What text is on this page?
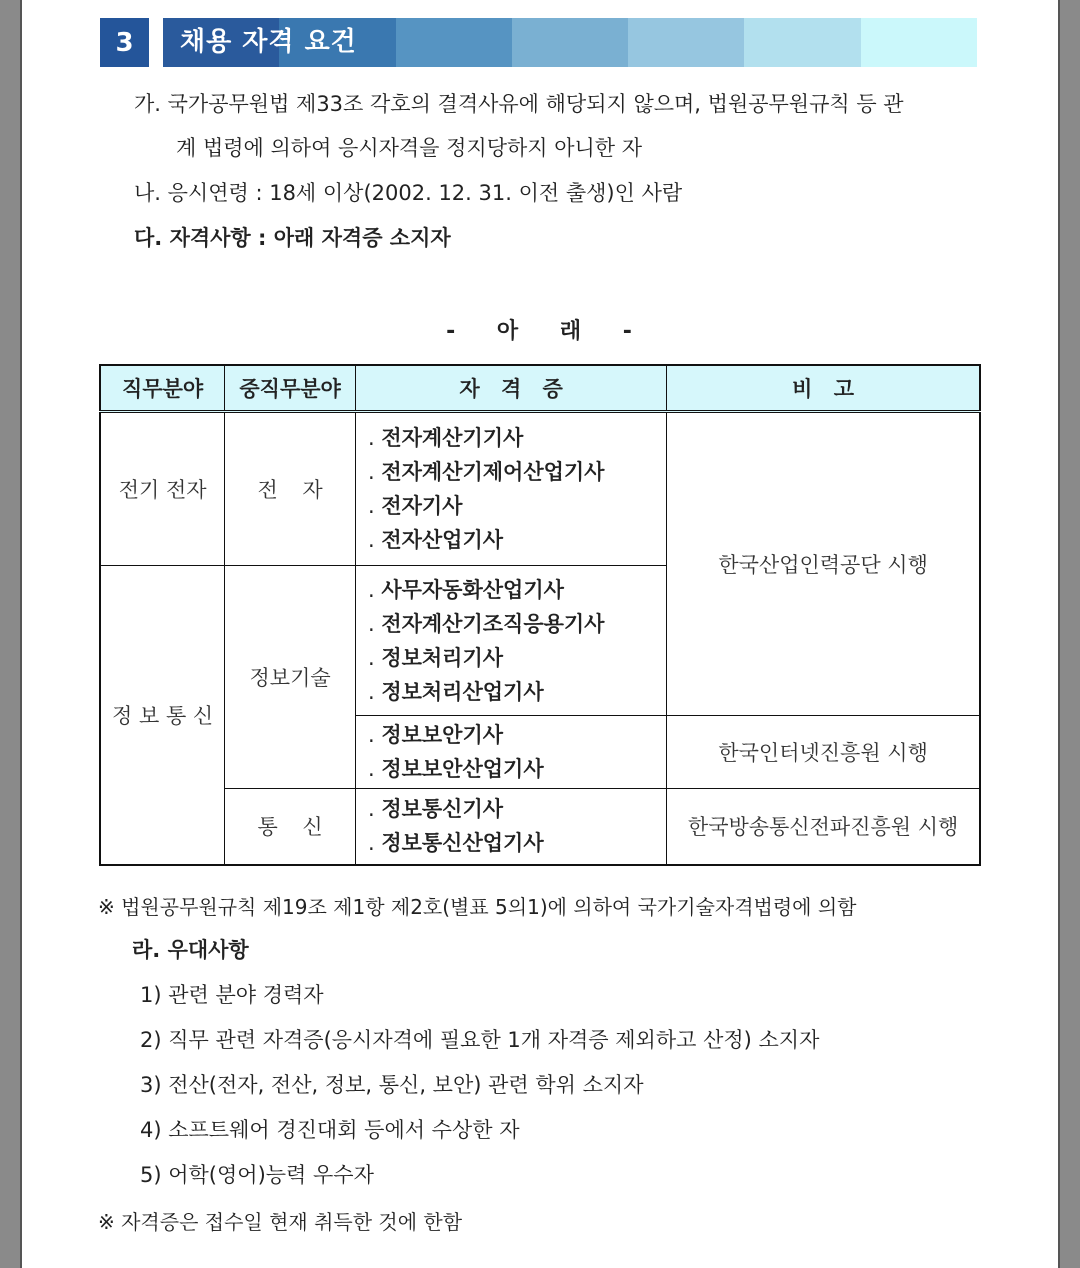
3	채용 자격 요건
가. 국가공무원법 제33조 각호의 결격사유에 해당되지 않으며, 법원공무원규칙 등 관
계 법령에 의하여 응시자격을 정지당하지 아니한 자
나. 응시연령 : 18세 이상(2002. 12. 31. 이전 출생)인 사람
다. 자격사항 : 아래 자격증 소지자
- 아 래 -
직무분야	중직무분야	자 격 증	비 고
전기 전자	전 자	. 전자계산기기사
. 전자계산기제어산업기사
. 전자기사
. 전자산업기사	한국산업인력공단 시행
정 보 통 신	정보기술	. 사무자동화산업기사
. 전자계산기조직응용기사
. 정보처리기사
. 정보처리산업기사

		. 정보보안기사
. 정보보안산업기사	한국인터넷진흥원 시행
	통 신	. 정보통신기사
. 정보통신산업기사	한국방송통신전파진흥원 시행
※ 법원공무원규칙 제19조 제1항 제2호(별표 5의1)에 의하여 국가기술자격법령에 의함
라. 우대사항
1) 관련 분야 경력자
2) 직무 관련 자격증(응시자격에 필요한 1개 자격증 제외하고 산정) 소지자
3) 전산(전자, 전산, 정보, 통신, 보안) 관련 학위 소지자
4) 소프트웨어 경진대회 등에서 수상한 자
5) 어학(영어)능력 우수자
※ 자격증은 접수일 현재 취득한 것에 한함
